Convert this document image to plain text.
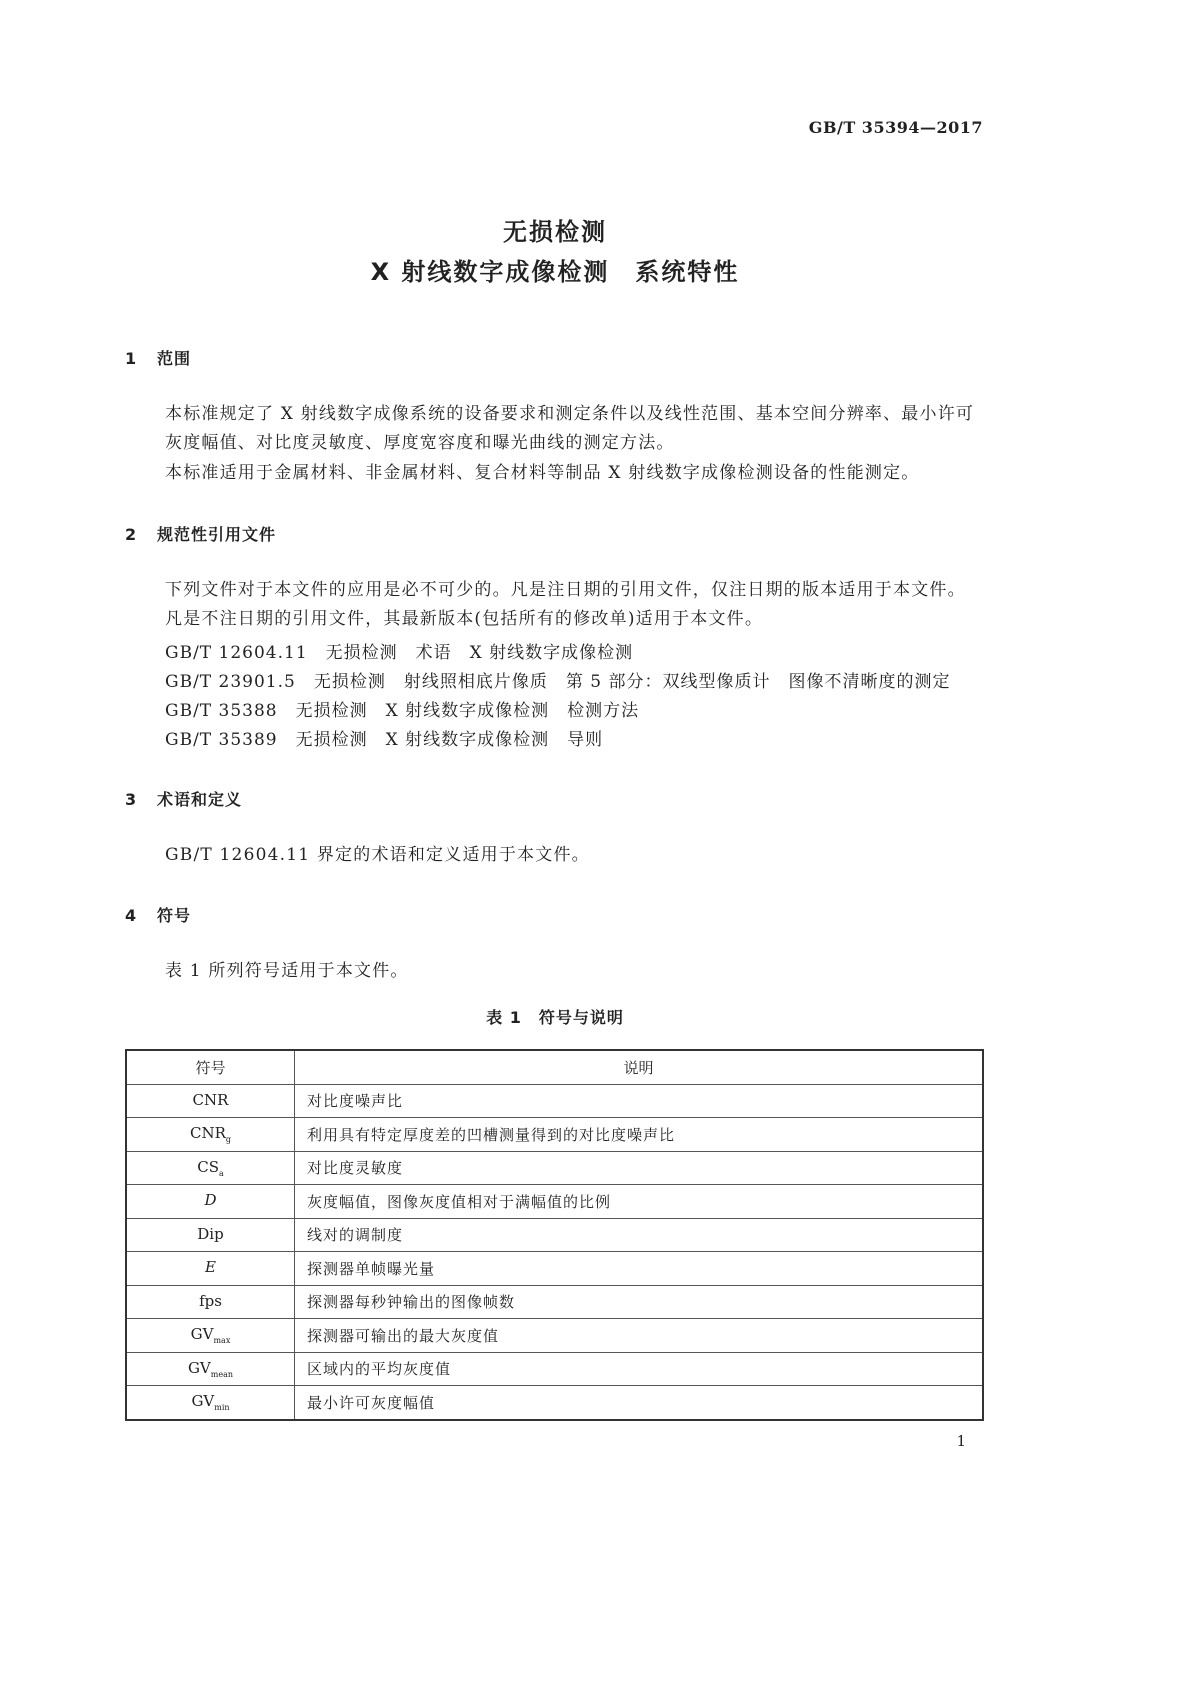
GB/T 35394—2017
无损检测
X 射线数字成像检测　系统特性
1 范围
本标准规定了 X 射线数字成像系统的设备要求和测定条件以及线性范围、基本空间分辨率、最小许可灰度幅值、对比度灵敏度、厚度宽容度和曝光曲线的测定方法。
本标准适用于金属材料、非金属材料、复合材料等制品 X 射线数字成像检测设备的性能测定。
2 规范性引用文件
下列文件对于本文件的应用是必不可少的。凡是注日期的引用文件，仅注日期的版本适用于本文件。凡是不注日期的引用文件，其最新版本(包括所有的修改单)适用于本文件。
GB/T 12604.11　无损检测　术语　X 射线数字成像检测
GB/T 23901.5　无损检测　射线照相底片像质　第 5 部分：双线型像质计　图像不清晰度的测定
GB/T 35388　无损检测　X 射线数字成像检测　检测方法
GB/T 35389　无损检测　X 射线数字成像检测　导则
3 术语和定义
GB/T 12604.11 界定的术语和定义适用于本文件。
4 符号
表 1 所列符号适用于本文件。
表 1　符号与说明
符号	说明
CNR	对比度噪声比
$CNR_g$	利用具有特定厚度差的凹槽测量得到的对比度噪声比
$CS_a$	对比度灵敏度
D	灰度幅值，图像灰度值相对于满幅值的比例
Dip	线对的调制度
E	探测器单帧曝光量
fps	探测器每秒钟输出的图像帧数
$GV_{max}$	探测器可输出的最大灰度值
$GV_{mean}$	区域内的平均灰度值
$GV_{min}$	最小许可灰度幅值
1
